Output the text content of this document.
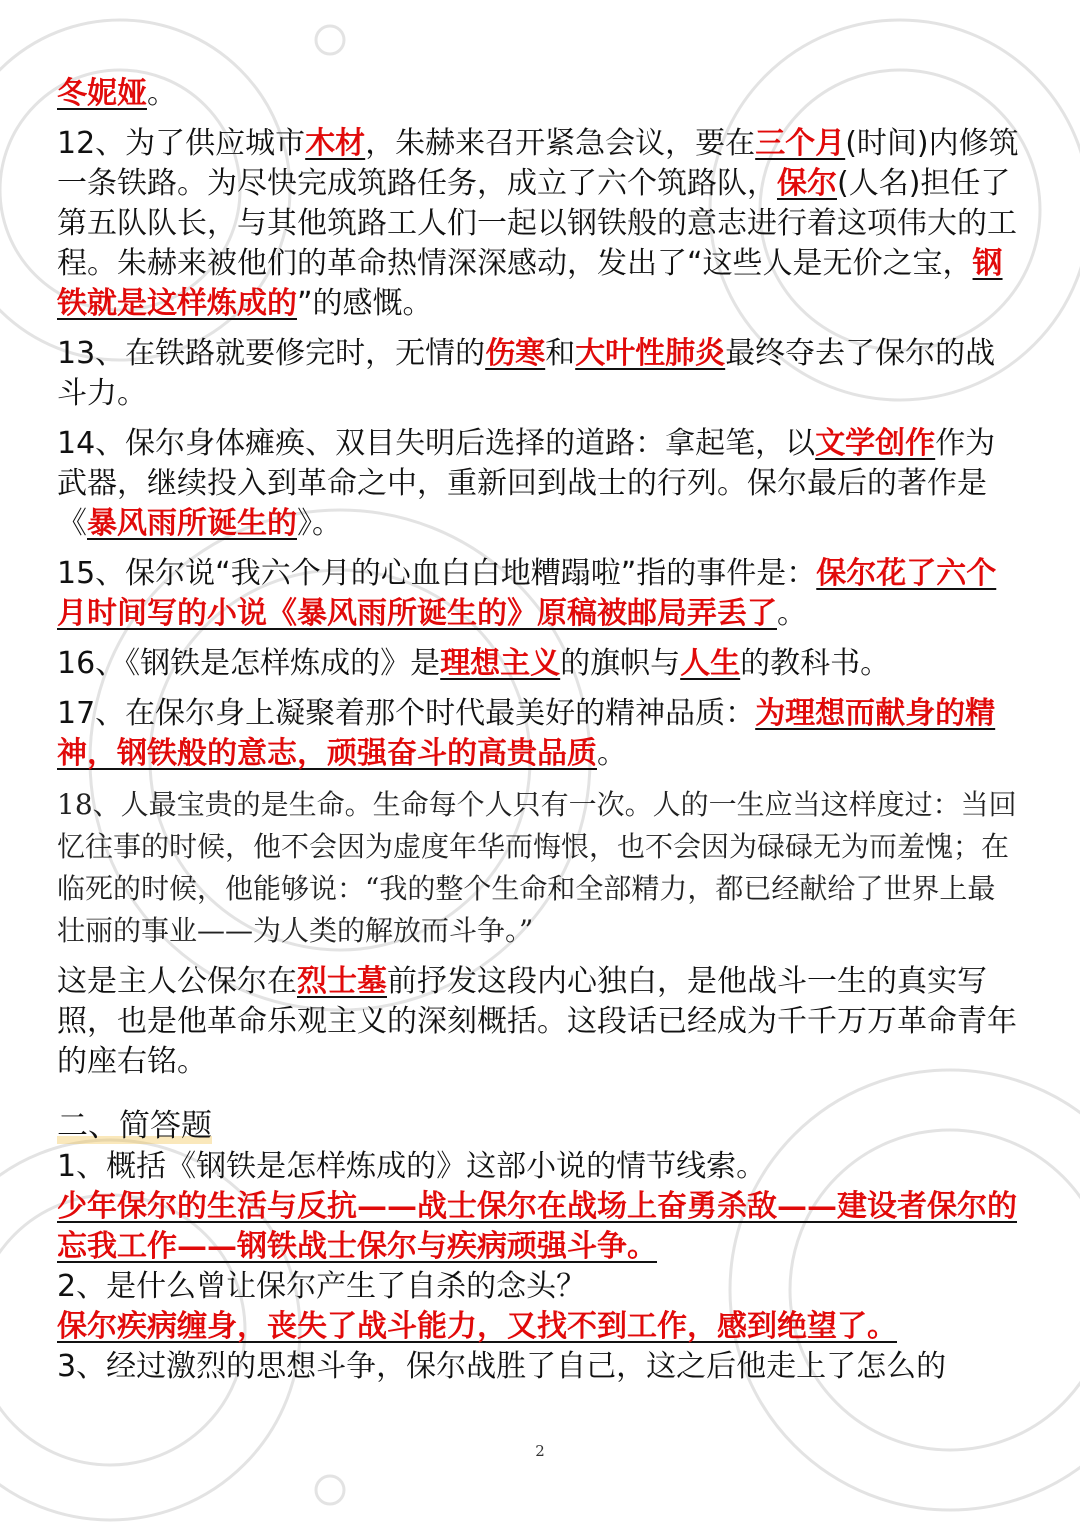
冬妮娅。

12、为了供应城市木材，朱赫来召开紧急会议，要在三个月(时间)内修筑一条铁路。为尽快完成筑路任务，成立了六个筑路队，保尔(人名)担任了第五队队长，与其他筑路工人们一起以钢铁般的意志进行着这项伟大的工程。朱赫来被他们的革命热情深深感动，发出了“这些人是无价之宝，钢铁就是这样炼成的”的感慨。

13、在铁路就要修完时，无情的伤寒和大叶性肺炎最终夺去了保尔的战斗力。

14、保尔身体瘫痪、双目失明后选择的道路：拿起笔，以文学创作作为武器，继续投入到革命之中，重新回到战士的行列。保尔最后的著作是《暴风雨所诞生的》。

15、保尔说“我六个月的心血白白地糟蹋啦”指的事件是：保尔花了六个月时间写的小说《暴风雨所诞生的》原稿被邮局弄丢了。

16、《钢铁是怎样炼成的》是理想主义的旗帜与人生的教科书。

17、在保尔身上凝聚着那个时代最美好的精神品质：为理想而献身的精神，钢铁般的意志，顽强奋斗的高贵品质。

18、人最宝贵的是生命。生命每个人只有一次。人的一生应当这样度过：当回忆往事的时候，他不会因为虚度年华而悔恨，也不会因为碌碌无为而羞愧；在临死的时候，他能够说：“我的整个生命和全部精力，都已经献给了世界上最壮丽的事业——为人类的解放而斗争。”

这是主人公保尔在烈士墓前抒发这段内心独白，是他战斗一生的真实写照，也是他革命乐观主义的深刻概括。这段话已经成为千千万万革命青年的座右铭。

二、简答题

1、概括《钢铁是怎样炼成的》这部小说的情节线索。

少年保尔的生活与反抗——战士保尔在战场上奋勇杀敌——建设者保尔的忘我工作——钢铁战士保尔与疾病顽强斗争。

2、是什么曾让保尔产生了自杀的念头？

保尔疾病缠身，丧失了战斗能力，又找不到工作，感到绝望了。

3、经过激烈的思想斗争，保尔战胜了自己，这之后他走上了怎么的

2
